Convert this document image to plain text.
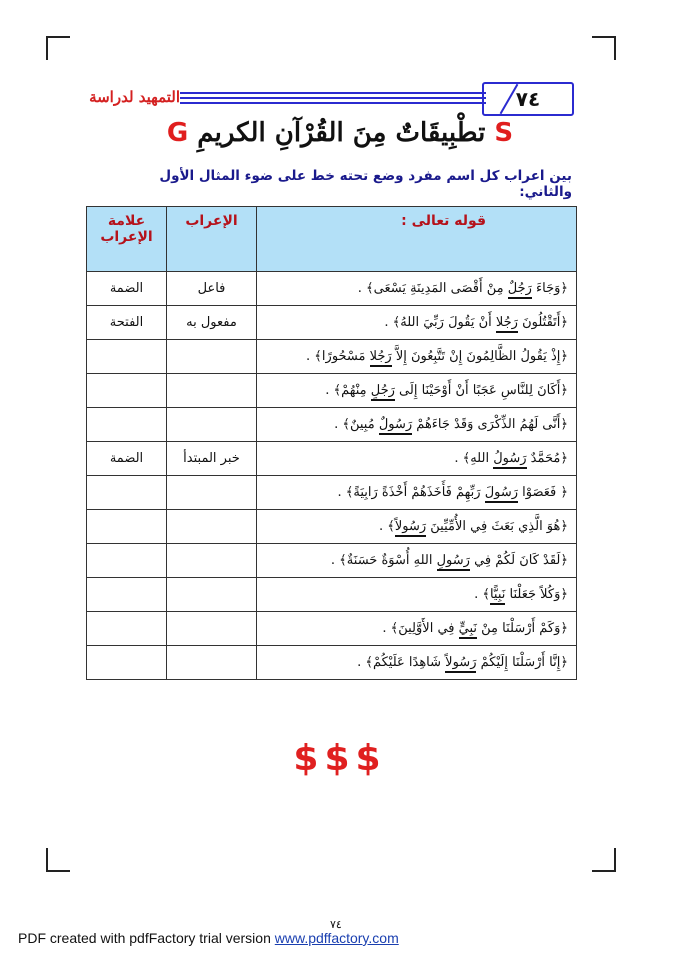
التمهيد لدراسة	٧٤
G تطْبِيقَاتٌ مِنَ القُرْآنِ الكريمِ S
بين اعراب كل اسم مفرد وضع تحته خط على ضوء المثال الأول والثاني:
قوله تعالى :	الإعراب	علامة
الإعراب

﴿وَجَاءَ رَجُلٌ مِنْ أَقْصَى المَدِينَةِ يَسْعَى﴾ .	فاعل	الضمة
﴿أَتَقْتُلُونَ رَجُلا أَنْ يَقُولَ رَبِّيَ اللهُ﴾ .	مفعول به	الفتحة
﴿إِذْ يَقُولُ الظَّالِمُونَ إِنْ تَتَّبِعُونَ إِلاَّ رَجُلا مَسْحُورًا﴾ .		
﴿أَكَانَ لِلنَّاسِ عَجَبًا أَنْ أَوْحَيْنَا إِلَى رَجُلٍ مِنْهُمْ﴾ .		
﴿أَنَّى لَهُمُ الذِّكْرَى وَقَدْ جَاءَهُمْ رَسُولٌ مُبِينٌ﴾ .		
﴿مُحَمَّدٌ رَسُولُ اللهِ﴾ .	خبر المبتدأ	الضمة
﴿ فَعَصَوْا رَسُولَ رَبِّهِمْ فَأَخَذَهُمْ أَخْذَةً رَابِيَةً﴾ .		
﴿هُوَ الَّذِي بَعَثَ فِي الأُمِّيِّينَ رَسُولاً﴾ .		
﴿لَقَدْ كَانَ لَكُمْ فِي رَسُولِ اللهِ أُسْوَةٌ حَسَنَةٌ﴾ .		
﴿وَكُلاً جَعَلْنَا نَبِيًّا﴾ .		
﴿وَكَمْ أَرْسَلْنَا مِنْ نَبِيٍّ فِي الأَوَّلِينَ﴾ .		
﴿إِنَّا أَرْسَلْنَا إِلَيْكُمْ رَسُولاً شَاهِدًا عَلَيْكُمْ﴾ .		
$$$
PDF created with pdfFactory trial version www.pdffactory.com
٧٤
